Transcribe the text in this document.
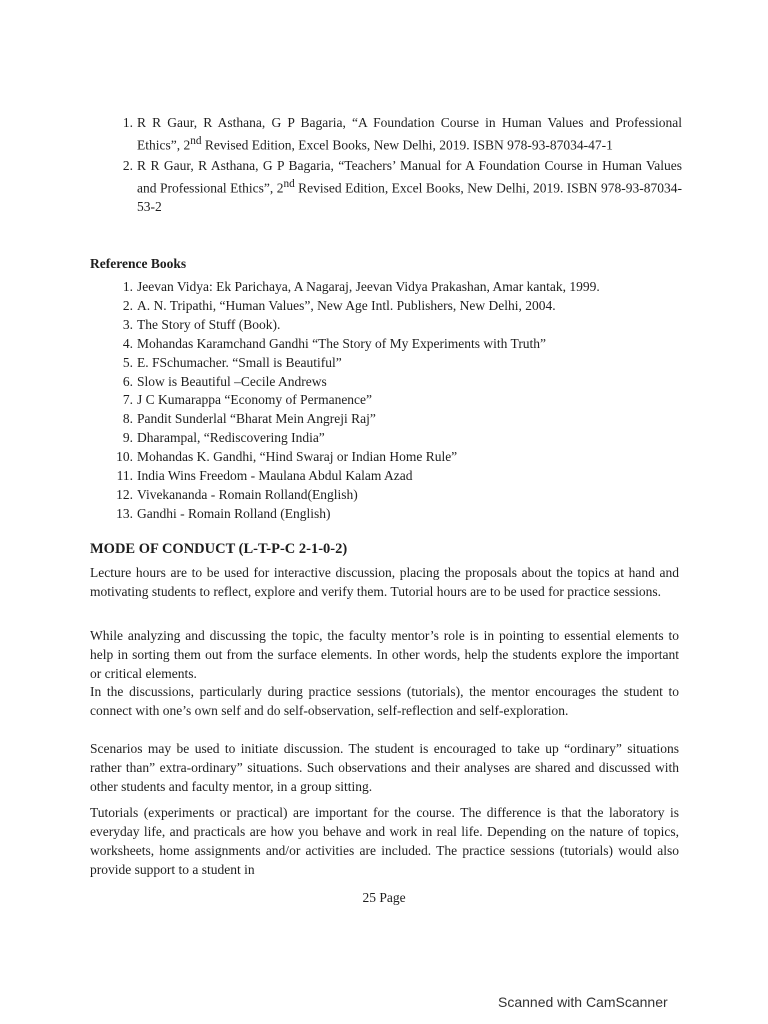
1. R R Gaur, R Asthana, G P Bagaria, “A Foundation Course in Human Values and Professional Ethics”, 2nd Revised Edition, Excel Books, New Delhi, 2019. ISBN 978-93-87034-47-1
2. R R Gaur, R Asthana, G P Bagaria, “Teachers’ Manual for A Foundation Course in Human Values and Professional Ethics”, 2nd Revised Edition, Excel Books, New Delhi, 2019. ISBN 978-93-87034-53-2
Reference Books
1. Jeevan Vidya: Ek Parichaya, A Nagaraj, Jeevan Vidya Prakashan, Amar kantak, 1999.
2. A. N. Tripathi, “Human Values”, New Age Intl. Publishers, New Delhi, 2004.
3. The Story of Stuff (Book).
4. Mohandas Karamchand Gandhi “The Story of My Experiments with Truth”
5. E. FSchumacher. “Small is Beautiful”
6. Slow is Beautiful –Cecile Andrews
7. J C Kumarappa “Economy of Permanence”
8. Pandit Sunderlal “Bharat Mein Angreji Raj”
9. Dharampal, “Rediscovering India”
10. Mohandas K. Gandhi, “Hind Swaraj or Indian Home Rule”
11. India Wins Freedom - Maulana Abdul Kalam Azad
12. Vivekananda - Romain Rolland(English)
13. Gandhi - Romain Rolland (English)
MODE OF CONDUCT (L-T-P-C 2-1-0-2)

Lecture hours are to be used for interactive discussion, placing the proposals about the topics at hand and motivating students to reflect, explore and verify them. Tutorial hours are to be used for practice sessions.

While analyzing and discussing the topic, the faculty mentor’s role is in pointing to essential elements to help in sorting them out from the surface elements. In other words, help the students explore the important or critical elements.

In the discussions, particularly during practice sessions (tutorials), the mentor encourages the student to connect with one’s own self and do self-observation, self-reflection and self-exploration.

Scenarios may be used to initiate discussion. The student is encouraged to take up “ordinary” situations rather than” extra-ordinary” situations. Such observations and their analyses are shared and discussed with other students and faculty mentor, in a group sitting.

Tutorials (experiments or practical) are important for the course. The difference is that the laboratory is everyday life, and practicals are how you behave and work in real life. Depending on the nature of topics, worksheets, home assignments and/or activities are included. The practice sessions (tutorials) would also provide support to a student in

25 Page
Scanned with CamScanner
